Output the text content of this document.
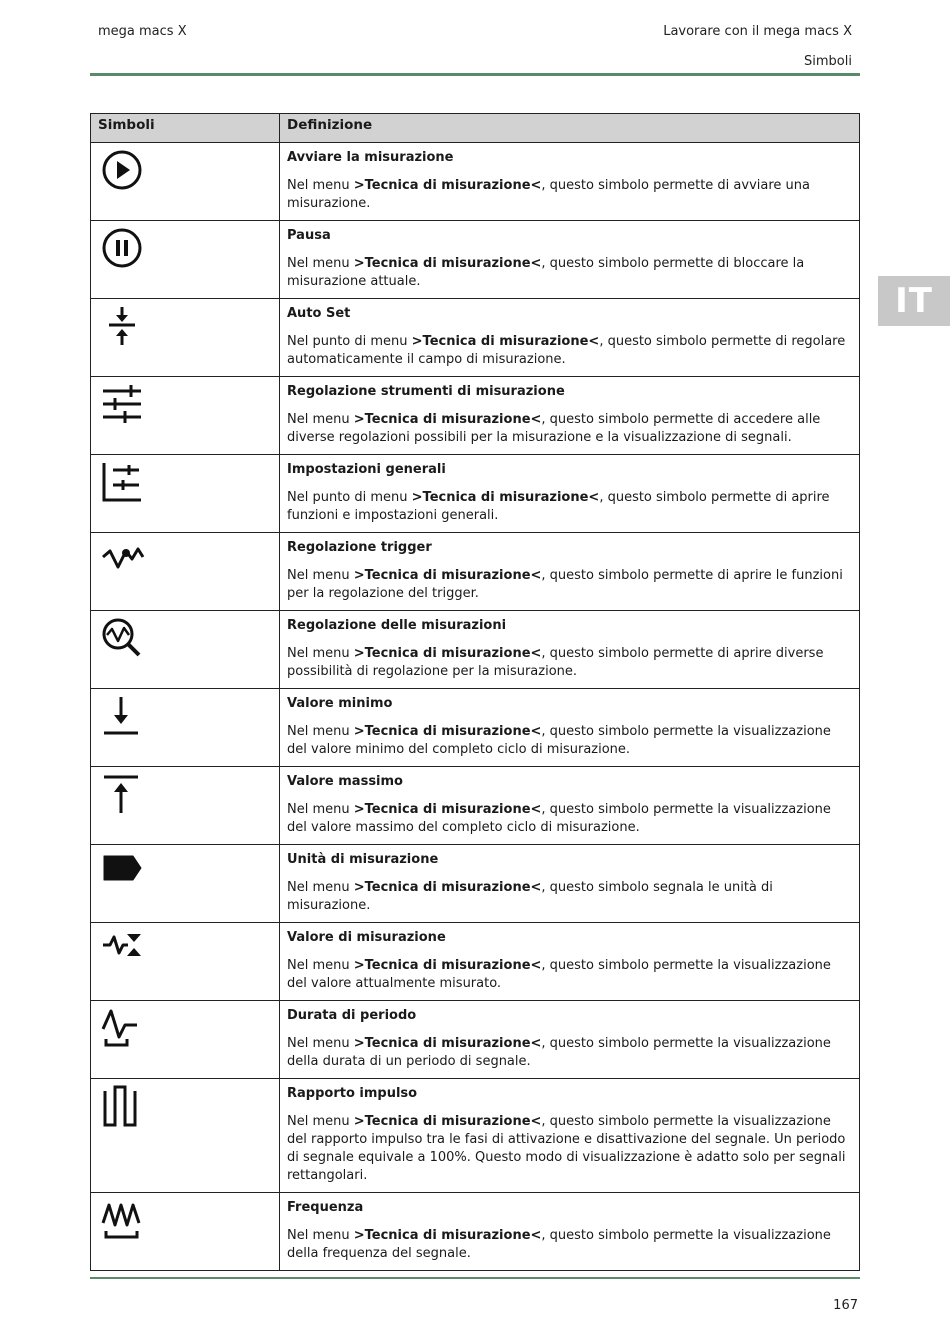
mega macs X	Lavorare con il mega macs X
Simboli
IT
Simboli	Definizione

Avviare la misurazione
Nel menu >Tecnica di misurazione<, questo simbolo permette di avviare una misurazione.

Pausa
Nel menu >Tecnica di misurazione<, questo simbolo permette di bloccare la misurazione attuale.

Auto Set
Nel punto di menu >Tecnica di misurazione<, questo simbolo permette di regolare automaticamente il campo di misurazione.

Regolazione strumenti di misurazione
Nel menu >Tecnica di misurazione<, questo simbolo permette di accedere alle diverse regolazioni possibili per la misurazione e la visualizzazione di segnali.

Impostazioni generali
Nel punto di menu >Tecnica di misurazione<, questo simbolo permette di aprire funzioni e impostazioni generali.

Regolazione trigger
Nel menu >Tecnica di misurazione<, questo simbolo permette di aprire le funzioni per la regolazione del trigger.

Regolazione delle misurazioni
Nel menu >Tecnica di misurazione<, questo simbolo permette di aprire diverse possibilità di regolazione per la misurazione.

Valore minimo
Nel menu >Tecnica di misurazione<, questo simbolo permette la visualizzazione del valore minimo del completo ciclo di misurazione.

Valore massimo
Nel menu >Tecnica di misurazione<, questo simbolo permette la visualizzazione del valore massimo del completo ciclo di misurazione.

Unità di misurazione
Nel menu >Tecnica di misurazione<, questo simbolo segnala le unità di misurazione.

Valore di misurazione
Nel menu >Tecnica di misurazione<, questo simbolo permette la visualizzazione del valore attualmente misurato.

Durata di periodo
Nel menu >Tecnica di misurazione<, questo simbolo permette la visualizzazione della durata di un periodo di segnale.

Rapporto impulso
Nel menu >Tecnica di misurazione<, questo simbolo permette la visualizzazione del rapporto impulso tra le fasi di attivazione e disattivazione del segnale. Un periodo di segnale equivale a 100%. Questo modo di visualizzazione è adatto solo per segnali rettangolari.

Frequenza
Nel menu >Tecnica di misurazione<, questo simbolo permette la visualizzazione della frequenza del segnale.
167
